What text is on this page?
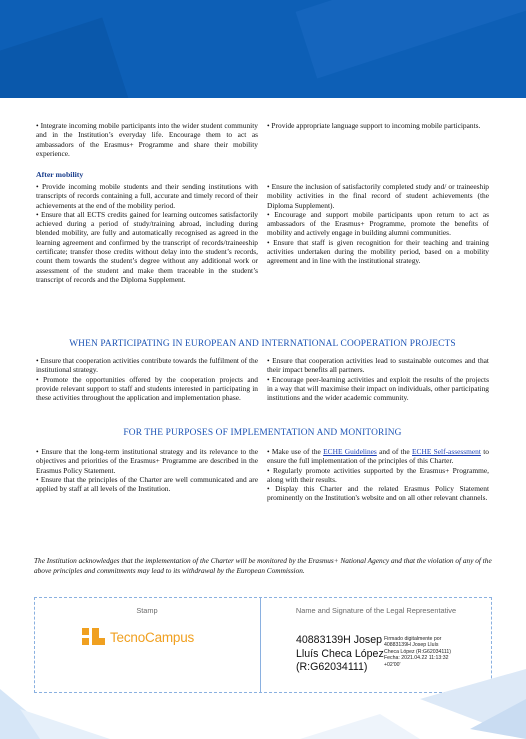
• Integrate incoming mobile participants into the wider student community and in the Institution’s everyday life. Encourage them to act as ambassadors of the Erasmus+ Programme and share their mobility experience.

• Provide appropriate language support to incoming mobile participants.

After mobility

• Provide incoming mobile students and their sending institutions with transcripts of records containing a full, accurate and timely record of their achievements at the end of the mobility period.

• Ensure that all ECTS credits gained for learning outcomes satisfactorily achieved during a period of study/training abroad, including during blended mobility, are fully and automatically recognised as agreed in the learning agreement and confirmed by the transcript of records/traineeship certificate; transfer those credits without delay into the student’s records, count them towards the student’s degree without any additional work or assessment of the student and make them traceable in the student’s transcript of records and the Diploma Supplement.

• Ensure the inclusion of satisfactorily completed study and/ or traineeship mobility activities in the final record of student achievements (the Diploma Supplement).

• Encourage and support mobile participants upon return to act as ambassadors of the Erasmus+ Programme, promote the benefits of mobility and actively engage in building alumni communities.

• Ensure that staff is given recognition for their teaching and training activities undertaken during the mobility period, based on a mobility agreement and in line with the institutional strategy.

WHEN PARTICIPATING IN EUROPEAN AND INTERNATIONAL COOPERATION PROJECTS

• Ensure that cooperation activities contribute towards the fulfilment of the institutional strategy.

• Promote the opportunities offered by the cooperation projects and provide relevant support to staff and students interested in participating in these activities throughout the application and implementation phase.

• Ensure that cooperation activities lead to sustainable outcomes and that their impact benefits all partners.

• Encourage peer-learning activities and exploit the results of the projects in a way that will maximise their impact on individuals, other participating institutions and the wider academic community.

FOR THE PURPOSES OF IMPLEMENTATION AND MONITORING

• Ensure that the long-term institutional strategy and its relevance to the objectives and priorities of the Erasmus+ Programme are described in the Erasmus Policy Statement.

• Ensure that the principles of the Charter are well communicated and are applied by staff at all levels of the Institution.

• Make use of the ECHE Guidelines and of the ECHE Self-assessment to ensure the full implementation of the principles of this Charter.

• Regularly promote activities supported by the Erasmus+ Programme, along with their results.

• Display this Charter and the related Erasmus Policy Statement prominently on the Institution's website and on all other relevant channels.

The Institution acknowledges that the implementation of the Charter will be monitored by the Erasmus+ National Agency and that the violation of any of the above principles and commitments may lead to its withdrawal by the European Commission.
Stamp	Name and Signature of the Legal Representative
TecnoCampus	40883139H Josep
Lluís Checa López
(R:G62034111)
Firmado digitalmente por
40883139H Josep Lluís
Checa López (R:G62034111)
Fecha: 2021.04.22 11:13:32
+02'00'
